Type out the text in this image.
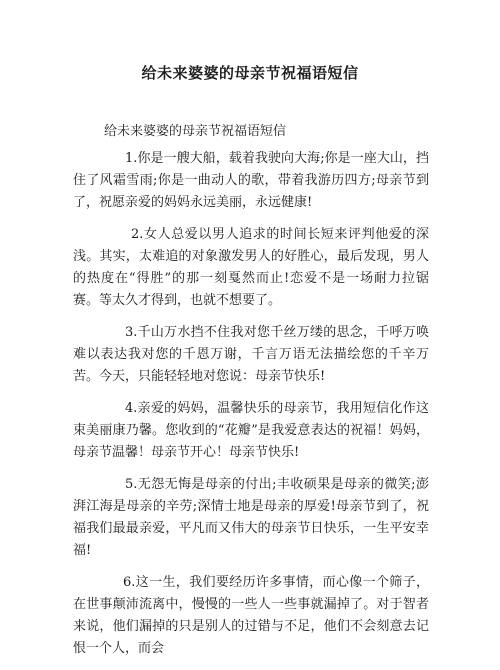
给未来婆婆的母亲节祝福语短信

给未来婆婆的母亲节祝福语短信

1.你是一艘大船，载着我驶向大海;你是一座大山，挡住了风霜雪雨;你是一曲动人的歌，带着我游历四方;母亲节到了，祝愿亲爱的妈妈永远美丽，永远健康!

2.女人总爱以男人追求的时间长短来评判他爱的深浅。其实，太难追的对象激发男人的好胜心，最后发现，男人的热度在“得胜”的那一刻戛然而止!恋爱不是一场耐力拉锯赛。等太久才得到，也就不想要了。

3.千山万水挡不住我对您千丝万缕的思念，千呼万唤难以表达我对您的千恩万谢，千言万语无法描绘您的千辛万苦。今天，只能轻轻地对您说：母亲节快乐!

4.亲爱的妈妈，温馨快乐的母亲节，我用短信化作这束美丽康乃馨。您收到的“花瓣”是我爱意表达的祝福！妈妈，母亲节温馨！母亲节开心！母亲节快乐!

5.无怨无悔是母亲的付出;丰收硕果是母亲的微笑;澎湃江海是母亲的辛劳;深情士地是母亲的厚爱!母亲节到了，祝福我们最最亲爱，平凡而又伟大的母亲节日快乐，一生平安幸福!

6.这一生，我们要经历许多事情，而心像一个筛子，在世事颠沛流离中，慢慢的一些人一些事就漏掉了。对于智者来说，他们漏掉的只是别人的过错与不足，他们不会刻意去记恨一个人，而会
